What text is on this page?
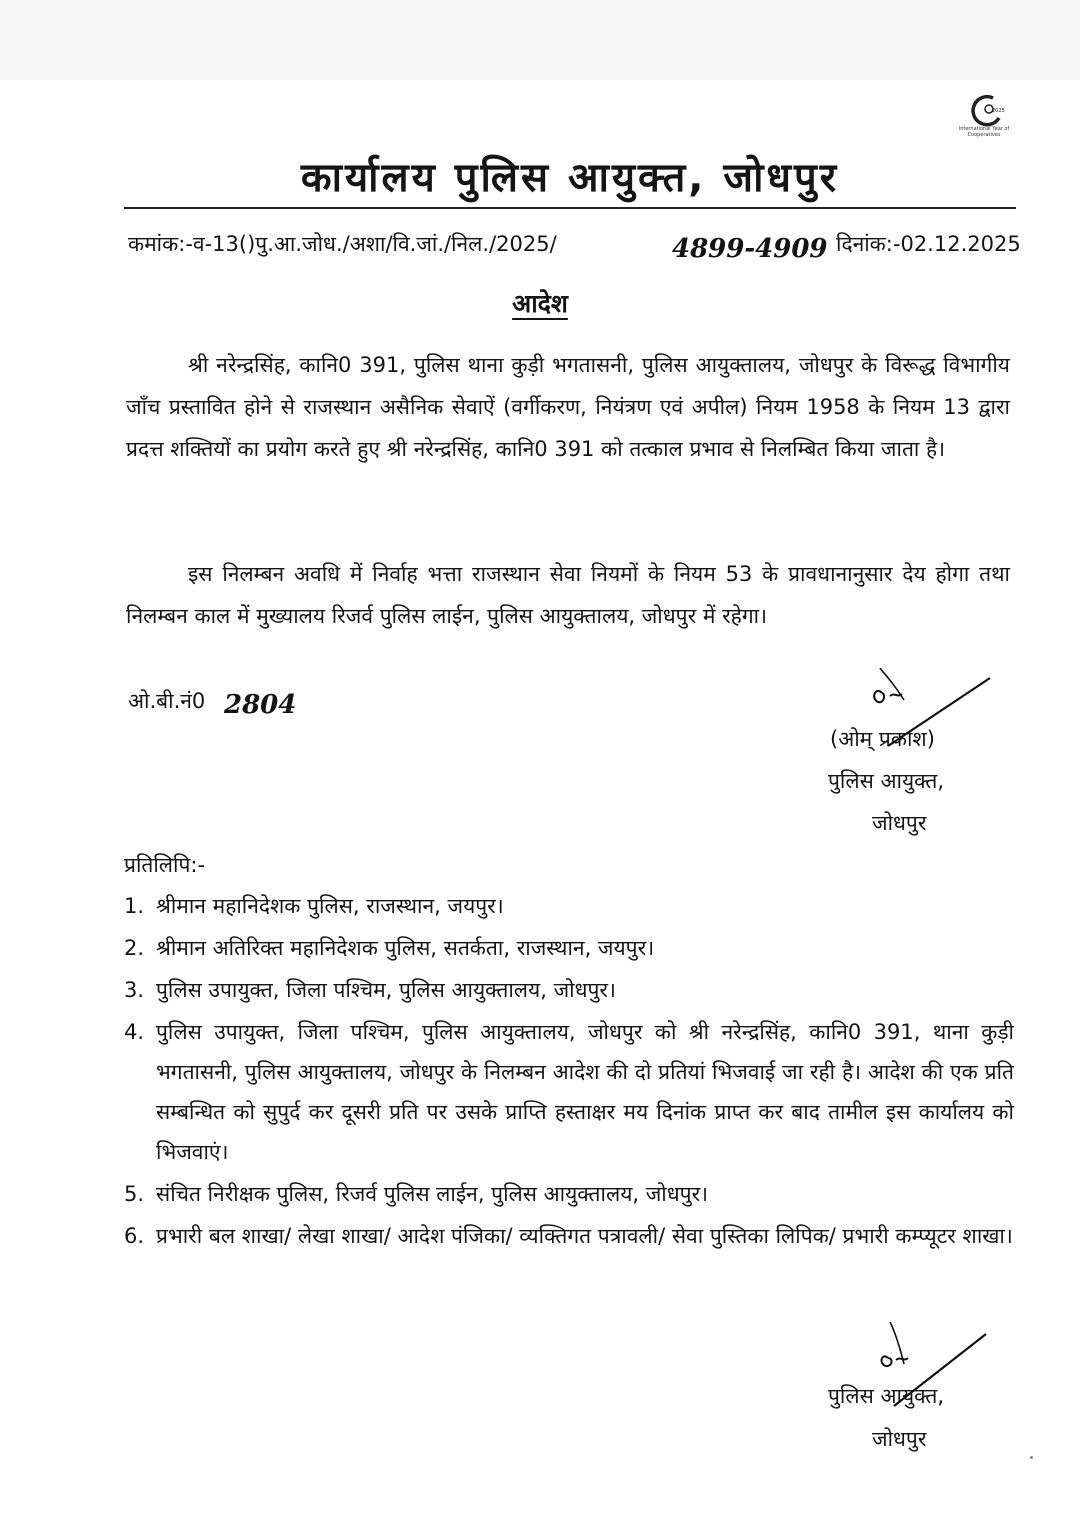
2025
International Year of Cooperatives
कार्यालय पुलिस आयुक्त, जोधपुर
कमांक:-व-13()पु.आ.जोध./अशा/वि.जां./निल./2025/	4899-4909 दिनांक:-02.12.2025
आदेश
श्री नरेन्द्रसिंह, कानि0 391, पुलिस थाना कुड़ी भगतासनी, पुलिस आयुक्तालय, जोधपुर के विरूद्ध विभागीय जाँच प्रस्तावित होने से राजस्थान असैनिक सेवाऐं (वर्गीकरण, नियंत्रण एवं अपील) नियम 1958 के नियम 13 द्वारा प्रदत्त शक्तियों का प्रयोग करते हुए श्री नरेन्द्रसिंह, कानि0 391 को तत्काल प्रभाव से निलम्बित किया जाता है।
इस निलम्बन अवधि में निर्वाह भत्ता राजस्थान सेवा नियमों के नियम 53 के प्रावधानानुसार देय होगा तथा निलम्बन काल में मुख्यालय रिजर्व पुलिस लाईन, पुलिस आयुक्तालय, जोधपुर में रहेगा।
ओ.बी.नं0 2804
(ओम् प्रकाश)
पुलिस आयुक्त,
जोधपुर
प्रतिलिपि:-
1. श्रीमान महानिदेशक पुलिस, राजस्थान, जयपुर।
2. श्रीमान अतिरिक्त महानिदेशक पुलिस, सतर्कता, राजस्थान, जयपुर।
3. पुलिस उपायुक्त, जिला पश्चिम, पुलिस आयुक्तालय, जोधपुर।
4. पुलिस उपायुक्त, जिला पश्चिम, पुलिस आयुक्तालय, जोधपुर को श्री नरेन्द्रसिंह, कानि0 391, थाना कुड़ी भगतासनी, पुलिस आयुक्तालय, जोधपुर के निलम्बन आदेश की दो प्रतियां भिजवाई जा रही है। आदेश की एक प्रति सम्बन्धित को सुपुर्द कर दूसरी प्रति पर उसके प्राप्ति हस्ताक्षर मय दिनांक प्राप्त कर बाद तामील इस कार्यालय को भिजवाएं।
5. संचित निरीक्षक पुलिस, रिजर्व पुलिस लाईन, पुलिस आयुक्तालय, जोधपुर।
6. प्रभारी बल शाखा/ लेखा शाखा/ आदेश पंजिका/ व्यक्तिगत पत्रावली/ सेवा पुस्तिका लिपिक/ प्रभारी कम्प्यूटर शाखा।
पुलिस आयुक्त,
जोधपुर
